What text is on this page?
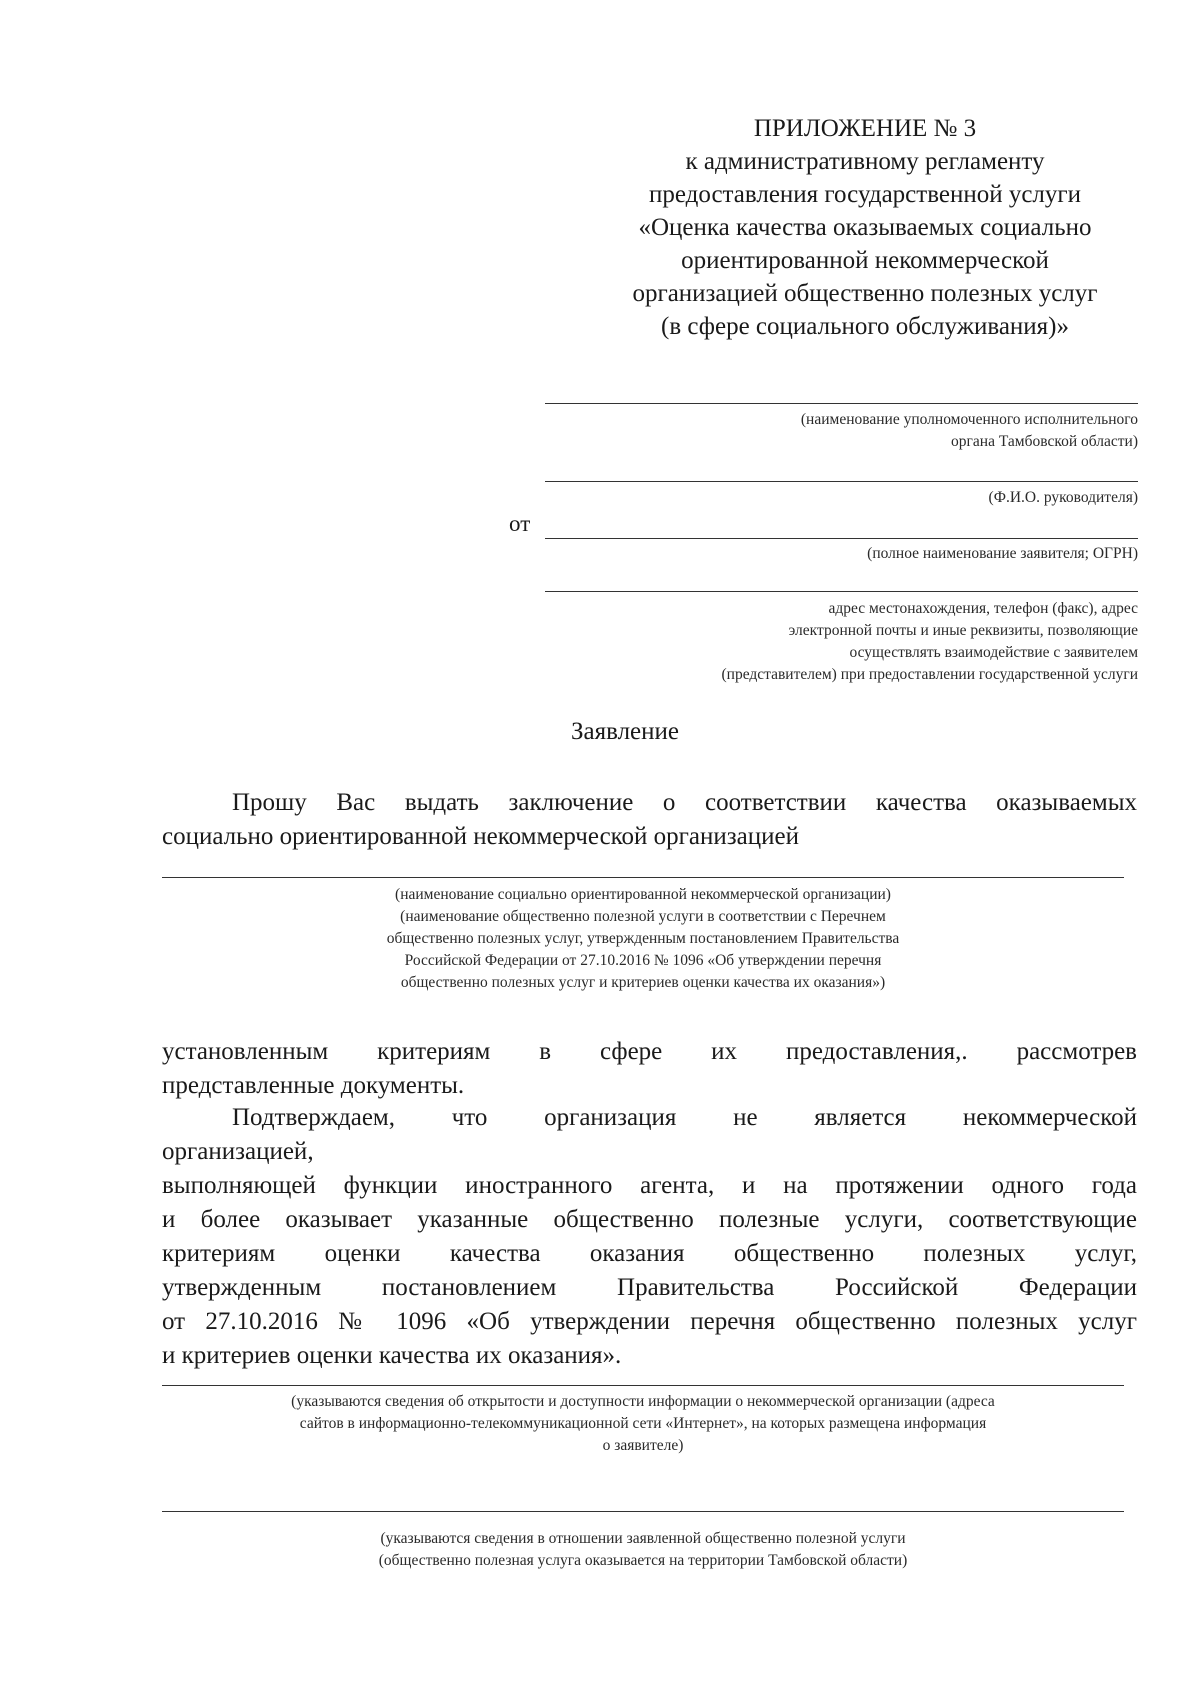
ПРИЛОЖЕНИЕ № 3
к административному регламенту
предоставления государственной услуги
«Оценка качества оказываемых социально
ориентированной некоммерческой
организацией общественно полезных услуг
(в сфере социального обслуживания)»
(наименование уполномоченного исполнительного
органа Тамбовской области)
(Ф.И.О. руководителя)
от
(полное наименование заявителя; ОГРН)
адрес местонахождения, телефон (факс), адрес
электронной почты и иные реквизиты, позволяющие
осуществлять взаимодействие с заявителем
(представителем) при предоставлении государственной услуги
Заявление
Прошу Вас выдать заключение о соответствии качества оказываемых
социально ориентированной некоммерческой организацией
(наименование социально ориентированной некоммерческой организации)
(наименование общественно полезной услуги в соответствии с Перечнем
общественно полезных услуг, утвержденным постановлением Правительства
Российской Федерации от 27.10.2016 № 1096 «Об утверждении перечня
общественно полезных услуг и критериев оценки качества их оказания»)
установленным критериям в сфере их предоставления,. рассмотрев
представленные документы.
Подтверждаем, что организация не является некоммерческой
организацией,
выполняющей функции иностранного агента, и на протяжении одного года
и более оказывает указанные общественно полезные услуги, соответствующие
критериям оценки качества оказания общественно полезных услуг,
утвержденным постановлением Правительства Российской Федерации
от 27.10.2016 № 1096 «Об утверждении перечня общественно полезных услуг
и критериев оценки качества их оказания».
(указываются сведения об открытости и доступности информации о некоммерческой организации (адреса
сайтов в информационно-телекоммуникационной сети «Интернет», на которых размещена информация
о заявителе)
(указываются сведения в отношении заявленной общественно полезной услуги
(общественно полезная услуга оказывается на территории Тамбовской области)
